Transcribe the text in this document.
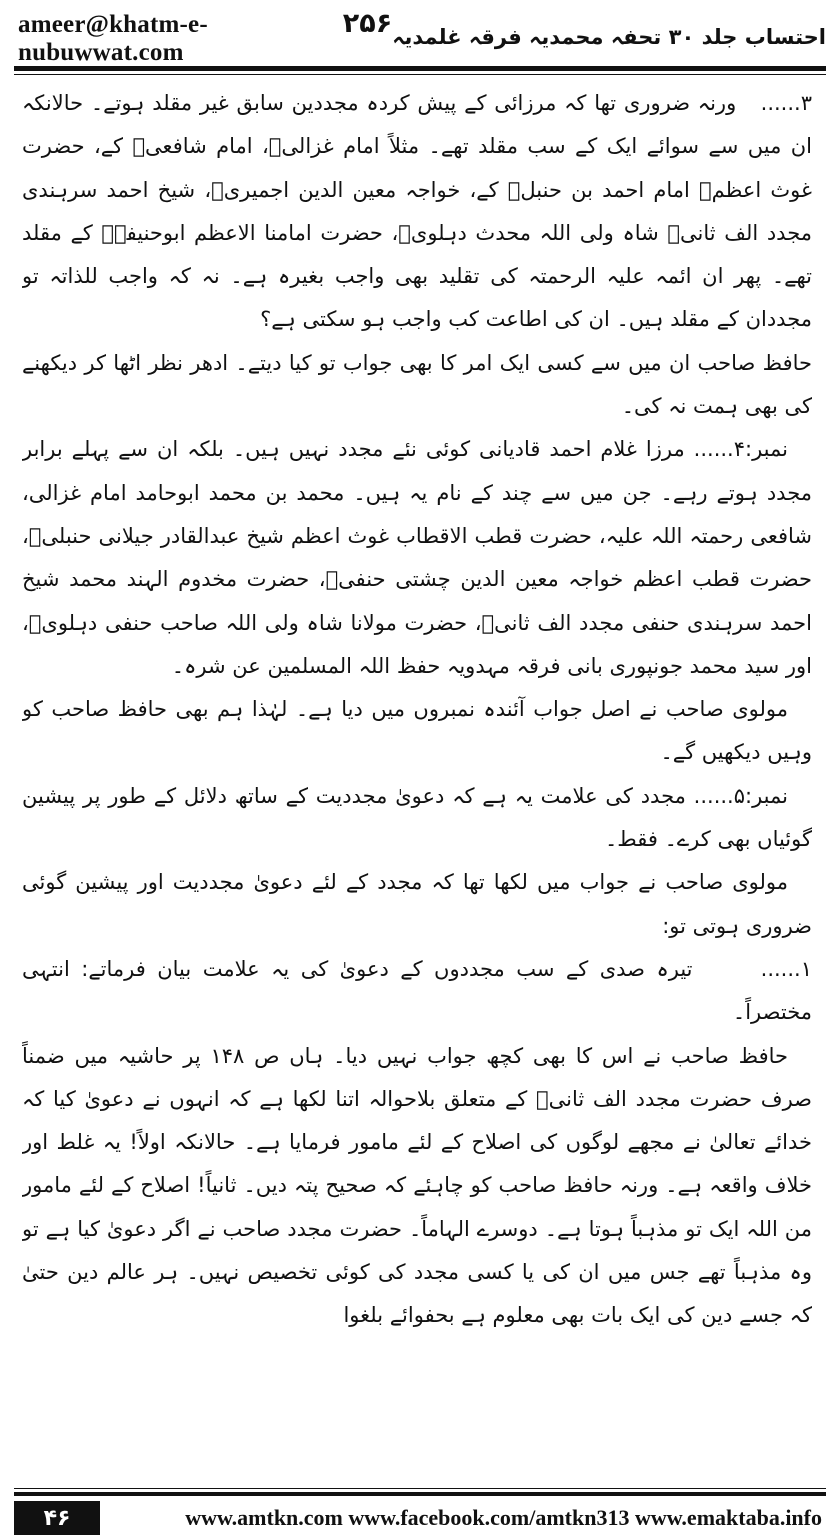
ameer@khatm-e-nubuwwat.com
۲۵۶ احتساب جلد ۳۰ تحفہ محمدیہ فرقہ غلمدیہ

۳...... ورنہ ضروری تھا کہ مرزائی کے پیش کردہ مجددین سابق غیر مقلد ہوتے۔ حالانکہ ان میں سے سوائے ایک کے سب مقلد تھے۔ مثلاً امام غزالیؒ، امام شافعیؒ کے، حضرت غوث اعظمؒ امام احمد بن حنبلؒ کے، خواجہ معین الدین اجمیریؒ، شیخ احمد سرہندی مجدد الف ثانیؒ شاہ ولی اللہ محدث دہلویؒ، حضرت امامنا الاعظم ابوحنیفہؒ کے مقلد تھے۔ پھر ان ائمہ علیہ الرحمتہ کی تقلید بھی واجب بغیرہ ہے۔ نہ کہ واجب للذاتہ تو مجددان کے مقلد ہیں۔ ان کی اطاعت کب واجب ہو سکتی ہے؟

حافظ صاحب ان میں سے کسی ایک امر کا بھی جواب تو کیا دیتے۔ ادھر نظر اٹھا کر دیکھنے کی بھی ہمت نہ کی۔

نمبر:۴...... مرزا غلام احمد قادیانی کوئی نئے مجدد نہیں ہیں۔ بلکہ ان سے پہلے برابر مجدد ہوتے رہے۔ جن میں سے چند کے نام یہ ہیں۔ محمد بن محمد ابوحامد امام غزالی، شافعی رحمتہ اللہ علیہ، حضرت قطب الاقطاب غوث اعظم شیخ عبدالقادر جیلانی حنبلیؒ، حضرت قطب اعظم خواجہ معین الدین چشتی حنفیؒ، حضرت مخدوم الہند محمد شیخ احمد سرہندی حنفی مجدد الف ثانیؒ، حضرت مولانا شاہ ولی اللہ صاحب حنفی دہلویؒ، اور سید محمد جونپوری بانی فرقہ مہدویہ حفظ اللہ المسلمین عن شرہ۔

مولوی صاحب نے اصل جواب آئندہ نمبروں میں دیا ہے۔ لہٰذا ہم بھی حافظ صاحب کو وہیں دیکھیں گے۔

نمبر:۵...... مجدد کی علامت یہ ہے کہ دعویٰ مجددیت کے ساتھ دلائل کے طور پر پیشین گوئیاں بھی کرے۔ فقط۔

مولوی صاحب نے جواب میں لکھا تھا کہ مجدد کے لئے دعویٰ مجددیت اور پیشین گوئی ضروری ہوتی تو:

۱...... تیرہ صدی کے سب مجددوں کے دعویٰ کی یہ علامت بیان فرماتے: انتہی مختصراً۔

حافظ صاحب نے اس کا بھی کچھ جواب نہیں دیا۔ ہاں ص ۱۴۸ پر حاشیہ میں ضمناً صرف حضرت مجدد الف ثانیؒ کے متعلق بلاحوالہ اتنا لکھا ہے کہ انہوں نے دعویٰ کیا کہ خدائے تعالیٰ نے مجھے لوگوں کی اصلاح کے لئے مامور فرمایا ہے۔ حالانکہ اولاً! یہ غلط اور خلاف واقعہ ہے۔ ورنہ حافظ صاحب کو چاہئے کہ صحیح پتہ دیں۔ ثانیاً! اصلاح کے لئے مامور من اللہ ایک تو مذہباً ہوتا ہے۔ دوسرے الہاماً۔ حضرت مجدد صاحب نے اگر دعویٰ کیا ہے تو وہ مذہباً تھے جس میں ان کی یا کسی مجدد کی کوئی تخصیص نہیں۔ ہر عالم دین حتیٰ کہ جسے دین کی ایک بات بھی معلوم ہے بحفوائے بلغوا

۴۶	www.amtkn.com www.facebook.com/amtkn313 www.emaktaba.info
